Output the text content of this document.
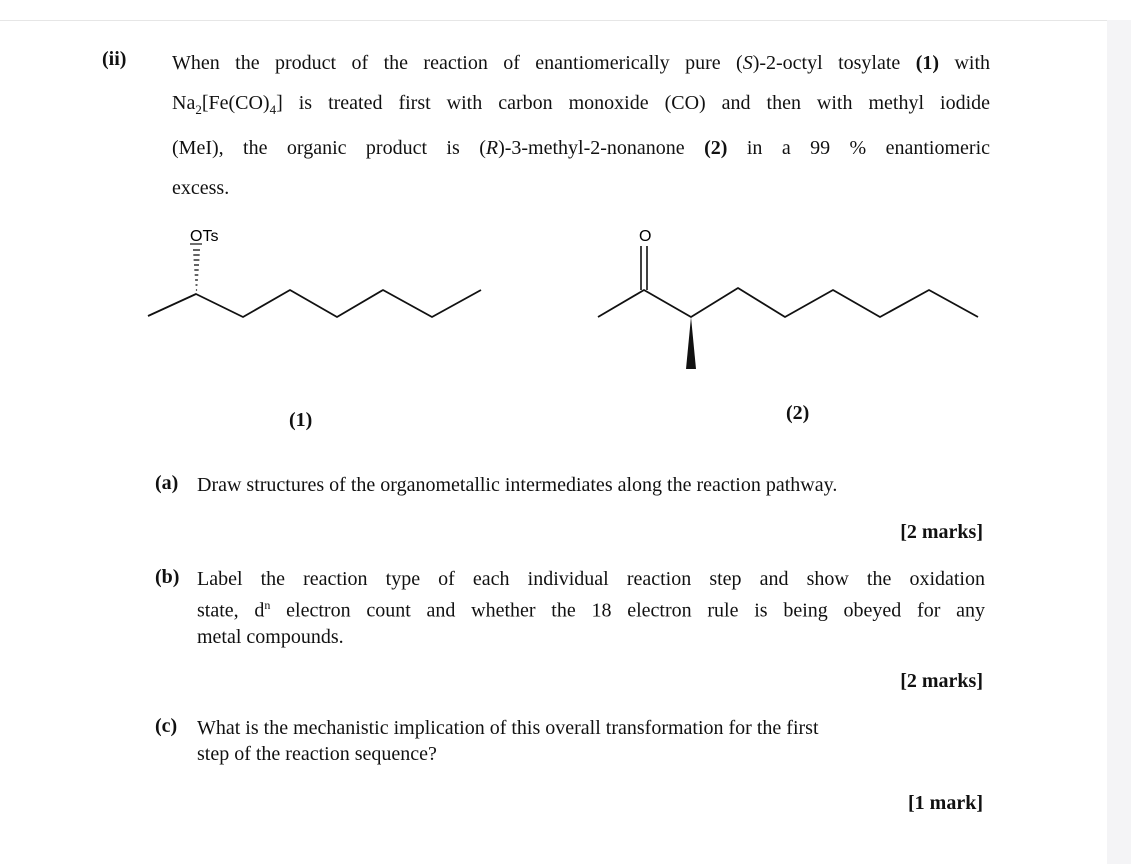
(ii) When the product of the reaction of enantiomerically pure (S)-2-octyl tosylate (1) with

$Na_2[Fe(CO)_4]$ is treated first with carbon monoxide (CO) and then with methyl iodide

(MeI), the organic product is (R)-3-methyl-2-nonanone (2) in a 99 % enantiomeric

excess.

OTs
(1)
O
(2)
(a) Draw structures of the organometallic intermediates along the reaction pathway.
[2 marks]
(b) Label the reaction type of each individual reaction step and show the oxidation
state, $d^n$ electron count and whether the 18 electron rule is being obeyed for any
metal compounds.
[2 marks]
(c) What is the mechanistic implication of this overall transformation for the first
step of the reaction sequence?
[1 mark]
